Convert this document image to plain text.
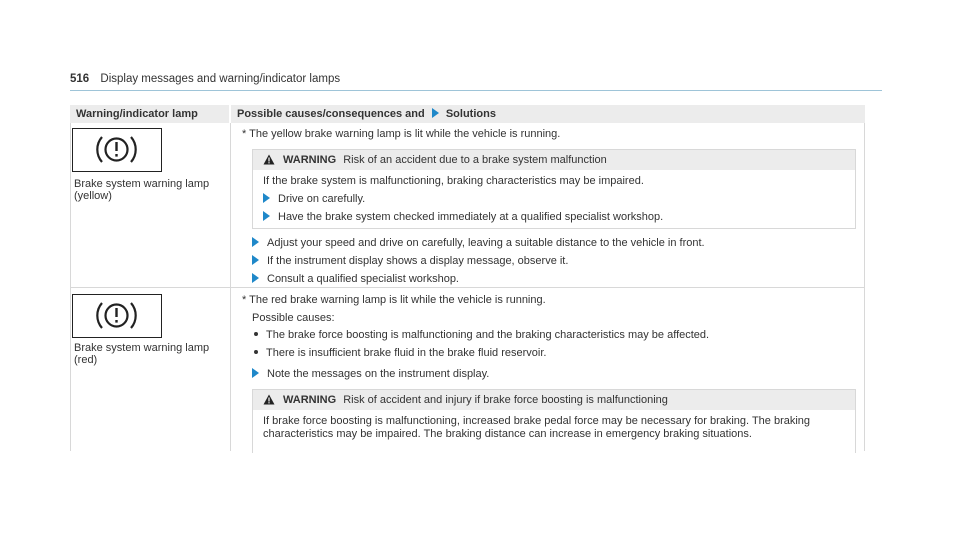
516 Display messages and warning/indicator lamps
Warning/indicator lamp	Possible causes/consequences and Solutions
Brake system warning lamp
(yellow)
* The yellow brake warning lamp is lit while the vehicle is running.
WARNING Risk of an accident due to a brake system malfunction
If the brake system is malfunctioning, braking characteristics may be impaired.
Drive on carefully.
Have the brake system checked immediately at a qualified specialist workshop.
Adjust your speed and drive on carefully, leaving a suitable distance to the vehicle in front.
If the instrument display shows a display message, observe it.
Consult a qualified specialist workshop.
Brake system warning lamp
(red)
* The red brake warning lamp is lit while the vehicle is running.
Possible causes:
The brake force boosting is malfunctioning and the braking characteristics may be affected.
There is insufficient brake fluid in the brake fluid reservoir.
Note the messages on the instrument display.
WARNING Risk of accident and injury if brake force boosting is malfunctioning
If brake force boosting is malfunctioning, increased brake pedal force may be necessary for braking. The braking
characteristics may be impaired. The braking distance can increase in emergency braking situations.
